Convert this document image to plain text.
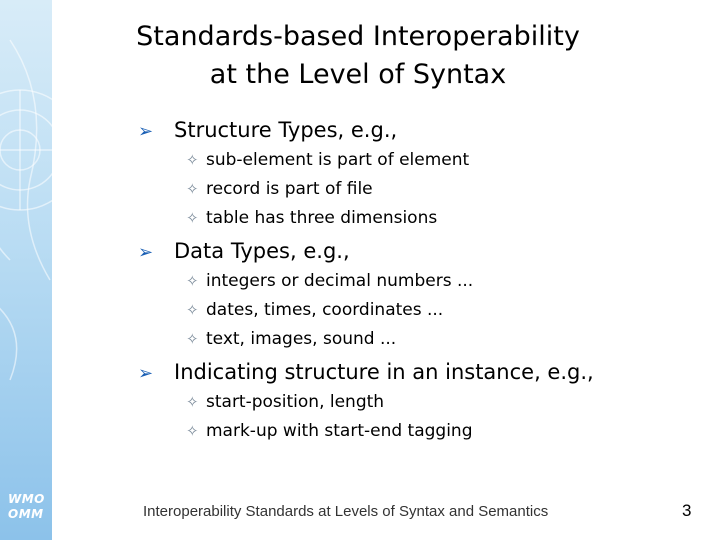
WMO
OMM
Standards-based Interoperability
at the Level of Syntax
➢ Structure Types, e.g.,
✧ sub-element is part of element
✧ record is part of file
✧ table has three dimensions
➢ Data Types, e.g.,
✧ integers or decimal numbers ...
✧ dates, times, coordinates ...
✧ text, images, sound ...
➢ Indicating structure in an instance, e.g.,
✧ start-position, length
✧ mark-up with start-end tagging
Interoperability Standards at Levels of Syntax and Semantics	3
